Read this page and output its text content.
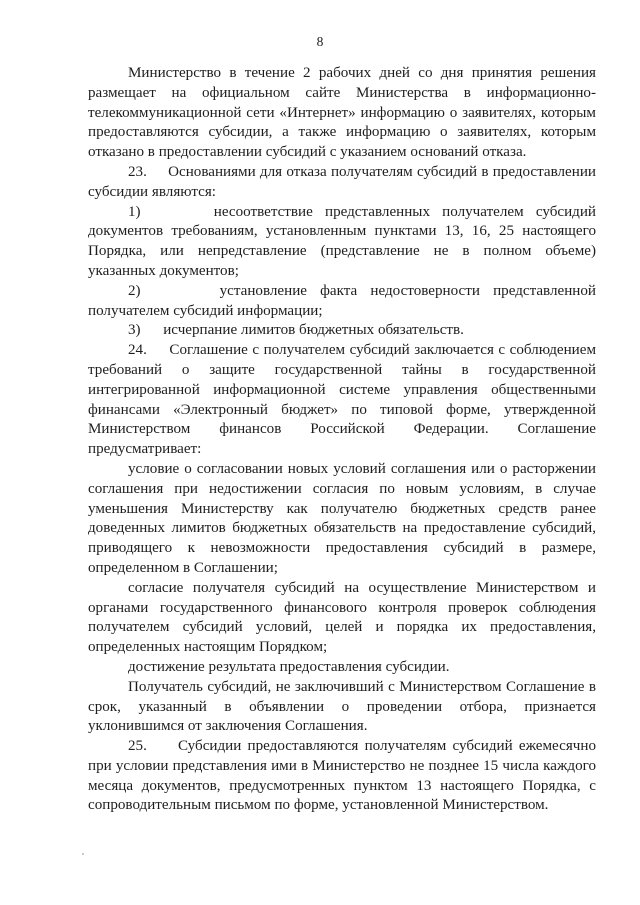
8

Министерство в течение 2 рабочих дней со дня принятия решения размещает на официальном сайте Министерства в информационно-телекоммуникационной сети «Интернет» информацию о заявителях, которым предоставляются субсидии, а также информацию о заявителях, которым отказано в предоставлении субсидий с указанием оснований отказа.

23.     Основаниями для отказа получателям субсидий в предоставлении субсидии являются:

1)      несоответствие представленных получателем субсидий документов требованиям, установленным пунктами 13, 16, 25 настоящего Порядка, или непредставление (представление не в полном объеме) указанных документов;

2)      установление факта недостоверности представленной получателем субсидий информации;

3)      исчерпание лимитов бюджетных обязательств.

24.     Соглашение с получателем субсидий заключается с соблюдением требований о защите государственной тайны в государственной интегрированной информационной системе управления общественными финансами «Электронный бюджет» по типовой форме, утвержденной Министерством финансов Российской Федерации. Соглашение предусматривает:

условие о согласовании новых условий соглашения или о расторжении соглашения при недостижении согласия по новым условиям, в случае уменьшения Министерству как получателю бюджетных средств ранее доведенных лимитов бюджетных обязательств на предоставление субсидий, приводящего к невозможности предоставления субсидий в размере, определенном в Соглашении;

согласие получателя субсидий на осуществление Министерством и органами государственного финансового контроля проверок соблюдения получателем субсидий условий, целей и порядка их предоставления, определенных настоящим Порядком;

достижение результата предоставления субсидии.

Получатель субсидий, не заключивший с Министерством Соглашение в срок, указанный в объявлении о проведении отбора, признается уклонившимся от заключения Соглашения.

25.     Субсидии предоставляются получателям субсидий ежемесячно при условии представления ими в Министерство не позднее 15 числа каждого месяца документов, предусмотренных пунктом 13 настоящего Порядка, с сопроводительным письмом по форме, установленной Министерством.
